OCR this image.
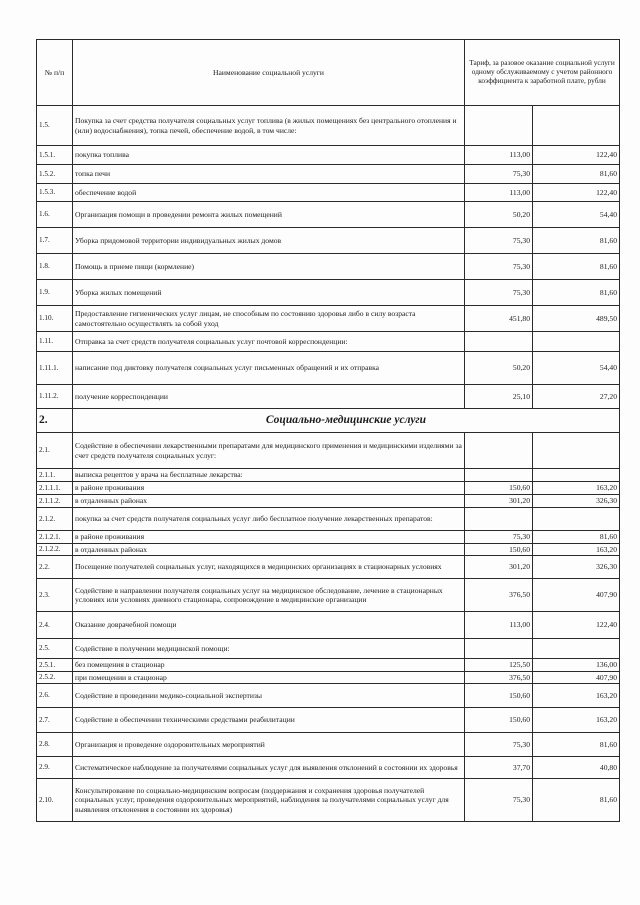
№ п/п	Наименование социальной услуги	Тариф, за разовое оказание социальной услуги одному обслуживаемому с учетом районного коэффициента к заработной плате, рубли	
1.5.	Покупка за счет средства получателя социальных услуг топлива (в жилых помещениях без центрального отопления и (или) водоснабжения), топка печей, обеспечение водой, в том числе:		
1.5.1.	покупка топлива	113,00	122,40
1.5.2.	топка печи	75,30	81,60
1.5.3.	обеспечение водой	113,00	122,40
1.6.	Организация помощи в проведении ремонта жилых помещений	50,20	54,40
1.7.	Уборка придомовой территории индивидуальных жилых домов	75,30	81,60
1.8.	Помощь в приеме пищи (кормление)	75,30	81,60
1.9.	Уборка жилых помещений	75,30	81,60
1.10.	Предоставление гигиенических услуг лицам, не способным по состоянию здоровья либо в силу возраста самостоятельно осуществлять за собой уход	451,80	489,50
1.11.	Отправка за счет средств получателя социальных услуг почтовой корреспонденции:		
1.11.1.	написание под диктовку получателя социальных услуг письменных обращений и их отправка	50,20	54,40
1.11.2.	получение корреспонденции	25,10	27,20
2.	Социально-медицинские услуги		
2.1.	Содействие в обеспечении лекарственными препаратами для медицинского применения и медицинскими изделиями за счет средств получателя социальных услуг:		
2.1.1.	выписка рецептов у врача на бесплатные лекарства:		
2.1.1.1.	в районе проживания	150,60	163,20
2.1.1.2.	в отдаленных районах	301,20	326,30
2.1.2.	покупка за счет средств получателя социальных услуг либо бесплатное получение лекарственных препаратов:		
2.1.2.1.	в районе проживания	75,30	81,60
2.1.2.2.	в отдаленных районах	150,60	163,20
2.2.	Посещение получателей социальных услуг, находящихся в медицинских организациях в стационарных условиях	301,20	326,30
2.3.	Содействие в направлении получателя социальных услуг на медицинское обследование, лечение в стационарных условиях или условиях дневного стационара, сопровождение в медицинские организации	376,50	407,90
2.4.	Оказание доврачебной помощи	113,00	122,40
2.5.	Содействие в получении медицинской помощи:		
2.5.1.	без помещения в стационар	125,50	136,00
2.5.2.	при помещении в стационар	376,50	407,90
2.6.	Содействие в проведении медико-социальной экспертизы	150,60	163,20
2.7.	Содействие в обеспечении техническими средствами реабилитации	150,60	163,20
2.8.	Организация и проведение оздоровительных мероприятий	75,30	81,60
2.9.	Систематическое наблюдение за получателями социальных услуг для выявления отклонений в состоянии их здоровья	37,70	40,80
2.10.	Консультирование по социально-медицинским вопросам (поддержания и сохранения здоровья получателей социальных услуг, проведения оздоровительных мероприятий, наблюдения за получателями социальных услуг для выявления отклонения в состоянии их здоровья)	75,30	81,60
